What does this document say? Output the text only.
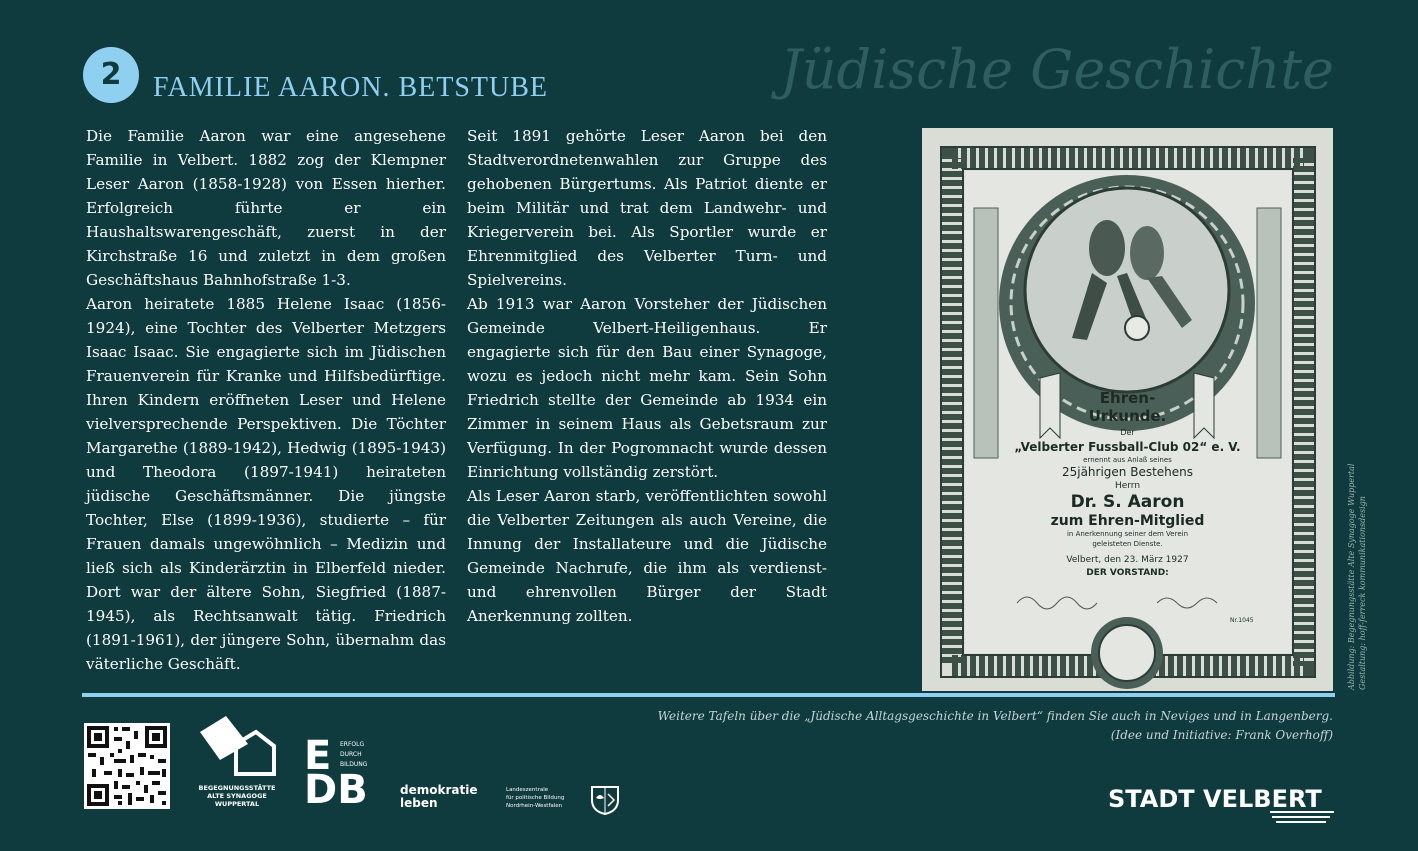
2	FAMILIE AARON. BETSTUBE	Jüdische Geschichte

Die Familie Aaron war eine angesehene Familie in Velbert. 1882 zog der Klempner Leser Aaron (1858-1928) von Essen hierher. Erfolgreich führte er ein Haushaltswarengeschäft, zuerst in der Kirchstraße 16 und zuletzt in dem großen Geschäftshaus Bahnhofstraße 1-3.

Aaron heiratete 1885 Helene Isaac (1856-1924), eine Tochter des Velberter Metzgers Isaac Isaac. Sie engagierte sich im Jüdischen Frauenverein für Kranke und Hilfsbedürftige. Ihren Kindern eröffneten Leser und Helene vielversprechende Perspektiven. Die Töchter Margarethe (1889-1942), Hedwig (1895-1943) und Theodora (1897-1941) heirateten jüdische Geschäftsmänner. Die jüngste Tochter, Else (1899-1936), studierte – für Frauen damals ungewöhnlich – Medizin und ließ sich als Kinderärztin in Elberfeld nieder. Dort war der ältere Sohn, Siegfried (1887-1945), als Rechtsanwalt tätig. Friedrich (1891-1961), der jüngere Sohn, übernahm das väterliche Geschäft.

Seit 1891 gehörte Leser Aaron bei den Stadtverordnetenwahlen zur Gruppe des gehobenen Bürgertums. Als Patriot diente er beim Militär und trat dem Landwehr- und Kriegerverein bei. Als Sportler wurde er Ehrenmitglied des Velberter Turn- und Spielvereins.

Ab 1913 war Aaron Vorsteher der Jüdischen Gemeinde Velbert-Heiligenhaus. Er engagierte sich für den Bau einer Synagoge, wozu es jedoch nicht mehr kam. Sein Sohn Friedrich stellte der Gemeinde ab 1934 ein Zimmer in seinem Haus als Gebetsraum zur Verfügung. In der Pogromnacht wurde dessen Einrichtung vollständig zerstört.

Als Leser Aaron starb, veröffentlichten sowohl die Velberter Zeitungen als auch Vereine, die Innung der Installateure und die Jüdische Gemeinde Nachrufe, die ihm als verdienst- und ehrenvollen Bürger der Stadt Anerkennung zollten.

Ehren-
Urkunde.
Der
„Velberter Fussball-Club 02“ e. V.
ernennt aus Anlaß seines
25jährigen Bestehens
Herrn
Dr. S. Aaron
zum Ehren-Mitglied
in Anerkennung seiner dem Verein
geleisteten Dienste.
Velbert, den 23. März 1927
DER VORSTAND:
Nr.1045	Abbildung: Begegnungsstätte Alte Synagoge Wuppertal Gestaltung: hoff-ferreck kommunikationsdesign
Weitere Tafeln über die „Jüdische Alltagsgeschichte in Velbert“ finden Sie auch in Neviges und in Langenberg.
(Idee und Initiative: Frank Overhoff)
BEGEGNUNGSSTÄTTE
ALTE SYNAGOGE
WUPPERTAL
E
DB
ERFOLG
DURCH
BILDUNG
demokratie
leben
Landeszentrale
für politische Bildung
Nordrhein-Westfalen	STADT VELBERT
